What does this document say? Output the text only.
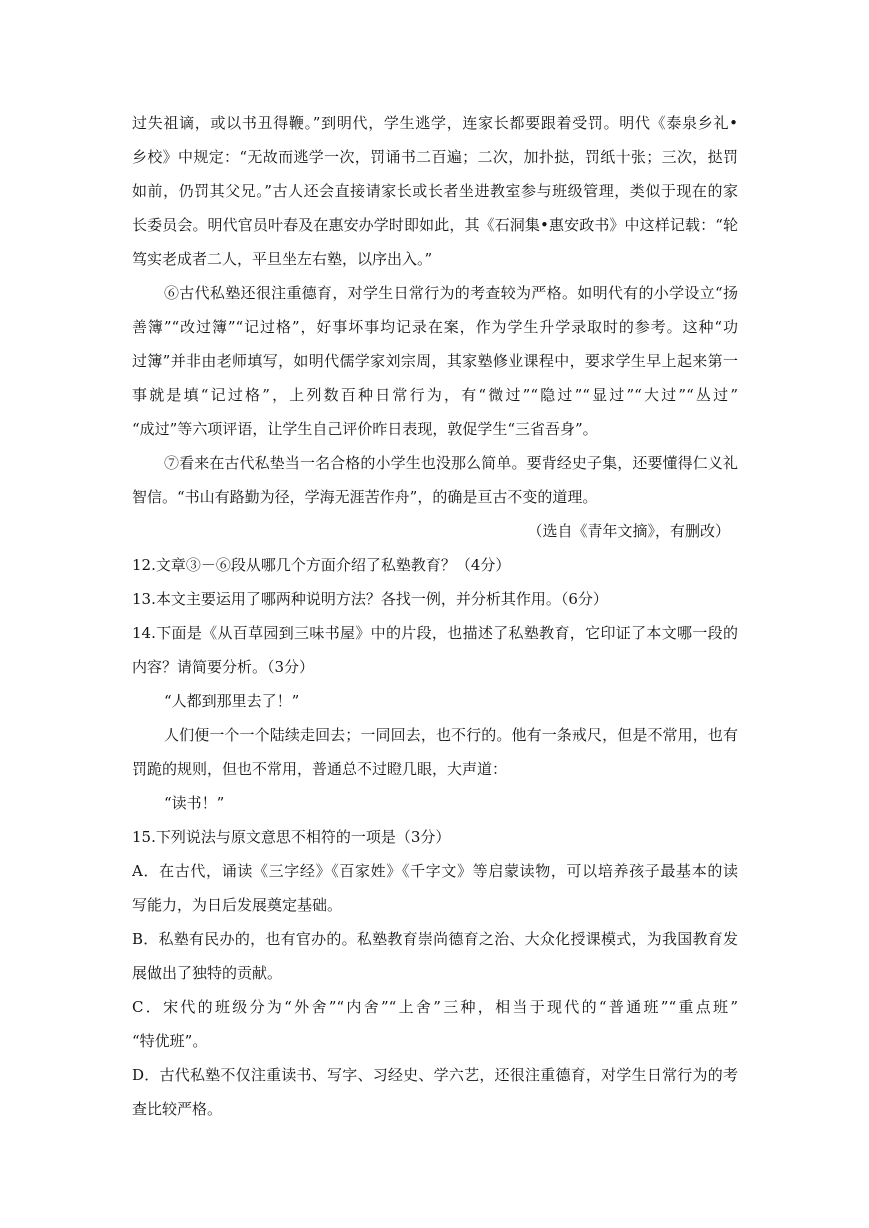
过失祖谪，或以书丑得鞭。”到明代，学生逃学，连家长都要跟着受罚。明代《泰泉乡礼•
乡校》中规定：“无故而逃学一次，罚诵书二百遍；二次，加扑挞，罚纸十张；三次，挞罚
如前，仍罚其父兄。”古人还会直接请家长或长者坐进教室参与班级管理，类似于现在的家
长委员会。明代官员叶春及在惠安办学时即如此，其《石洞集•惠安政书》中这样记载：“轮
笃实老成者二人，平旦坐左右塾，以序出入。”
⑥古代私塾还很注重德育，对学生日常行为的考查较为严格。如明代有的小学设立“扬
善簿”“改过簿”“记过格”，好事坏事均记录在案，作为学生升学录取时的参考。这种“功
过簿”并非由老师填写，如明代儒学家刘宗周，其家塾修业课程中，要求学生早上起来第一
事就是填“记过格”，上列数百种日常行为，有“微过”“隐过”“显过”“大过”“丛过”
“成过”等六项评语，让学生自己评价昨日表现，敦促学生“三省吾身”。
⑦看来在古代私垫当一名合格的小学生也没那么简单。要背经史子集，还要懂得仁义礼
智信。“书山有路勤为径，学海无涯苦作舟”，的确是亘古不变的道理。
（选自《青年文摘》，有删改）
12.文章③－⑥段从哪几个方面介绍了私塾教育？（4分）
13.本文主要运用了哪两种说明方法？各找一例，并分析其作用。（6分）
14.下面是《从百草园到三味书屋》中的片段，也描述了私塾教育，它印证了本文哪一段的
内容？请简要分析。（3分）
“人都到那里去了！”
人们便一个一个陆续走回去；一同回去，也不行的。他有一条戒尺，但是不常用，也有
罚跪的规则，但也不常用，普通总不过瞪几眼，大声道：
“读书！”
15.下列说法与原文意思不相符的一项是（3分）
A．在古代，诵读《三字经》《百家姓》《千字文》等启蒙读物，可以培养孩子最基本的读
写能力，为日后发展奠定基础。
B．私塾有民办的，也有官办的。私塾教育崇尚德育之治、大众化授课模式，为我国教育发
展做出了独特的贡献。
C．宋代的班级分为“外舍”“内舍”“上舍”三种，相当于现代的“普通班”“重点班”
“特优班”。
D．古代私塾不仅注重读书、写字、习经史、学六艺，还很注重德育，对学生日常行为的考
查比较严格。
